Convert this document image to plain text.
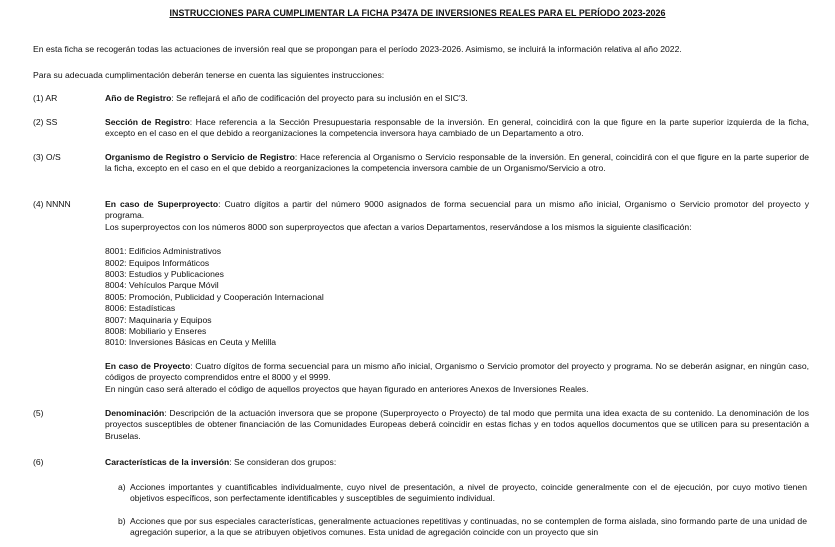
INSTRUCCIONES PARA CUMPLIMENTAR LA FICHA P347A DE INVERSIONES REALES PARA EL PERÍODO 2023-2026
En esta ficha se recogerán todas las actuaciones de inversión real que se propongan para el período 2023-2026. Asimismo, se incluirá la información relativa al año 2022.
Para su adecuada cumplimentación deberán tenerse en cuenta las siguientes instrucciones:
(1) AR	Año de Registro: Se reflejará el año de codificación del proyecto para su inclusión en el SIC'3.
(2) SS	Sección de Registro: Hace referencia a la Sección Presupuestaria responsable de la inversión. En general, coincidirá con la que figure en la parte superior izquierda de la ficha, excepto en el caso en el que debido a reorganizaciones la competencia inversora haya cambiado de un Departamento a otro.
(3) O/S	Organismo de Registro o Servicio de Registro: Hace referencia al Organismo o Servicio responsable de la inversión. En general, coincidirá con el que figure en la parte superior de la ficha, excepto en el caso en el que debido a reorganizaciones la competencia inversora cambie de un Organismo/Servicio a otro.
(4) NNNN	En caso de Superproyecto: Cuatro dígitos a partir del número 9000 asignados de forma secuencial para un mismo año inicial, Organismo o Servicio promotor del proyecto y programa.
Los superproyectos con los números 8000 son superproyectos que afectan a varios Departamentos, reservándose a los mismos la siguiente clasificación:
8001: Edificios Administrativos
8002: Equipos Informáticos
8003: Estudios y Publicaciones
8004: Vehículos Parque Móvil
8005: Promoción, Publicidad y Cooperación Internacional
8006: Estadísticas
8007: Maquinaria y Equipos
8008: Mobiliario y Enseres
8010: Inversiones Básicas en Ceuta y Melilla
En caso de Proyecto: Cuatro dígitos de forma secuencial para un mismo año inicial, Organismo o Servicio promotor del proyecto y programa. No se deberán asignar, en ningún caso, códigos de proyecto comprendidos entre el 8000 y el 9999.
En ningún caso será alterado el código de aquellos proyectos que hayan figurado en anteriores Anexos de Inversiones Reales.
(5)	Denominación: Descripción de la actuación inversora que se propone (Superproyecto o Proyecto) de tal modo que permita una idea exacta de su contenido. La denominación de los proyectos susceptibles de obtener financiación de las Comunidades Europeas deberá coincidir en estas fichas y en todos aquellos documentos que se utilicen para su presentación a Bruselas.
(6)	Características de la inversión: Se consideran dos grupos:
a) Acciones importantes y cuantificables individualmente, cuyo nivel de presentación, a nivel de proyecto, coincide generalmente con el de ejecución, por cuyo motivo tienen objetivos específicos, son perfectamente identificables y susceptibles de seguimiento individual.
b) Acciones que por sus especiales características, generalmente actuaciones repetitivas y continuadas, no se contemplen de forma aislada, sino formando parte de una unidad de agregación superior, a la que se atribuyen objetivos comunes. Esta unidad de agregación coincide con un proyecto que sin
